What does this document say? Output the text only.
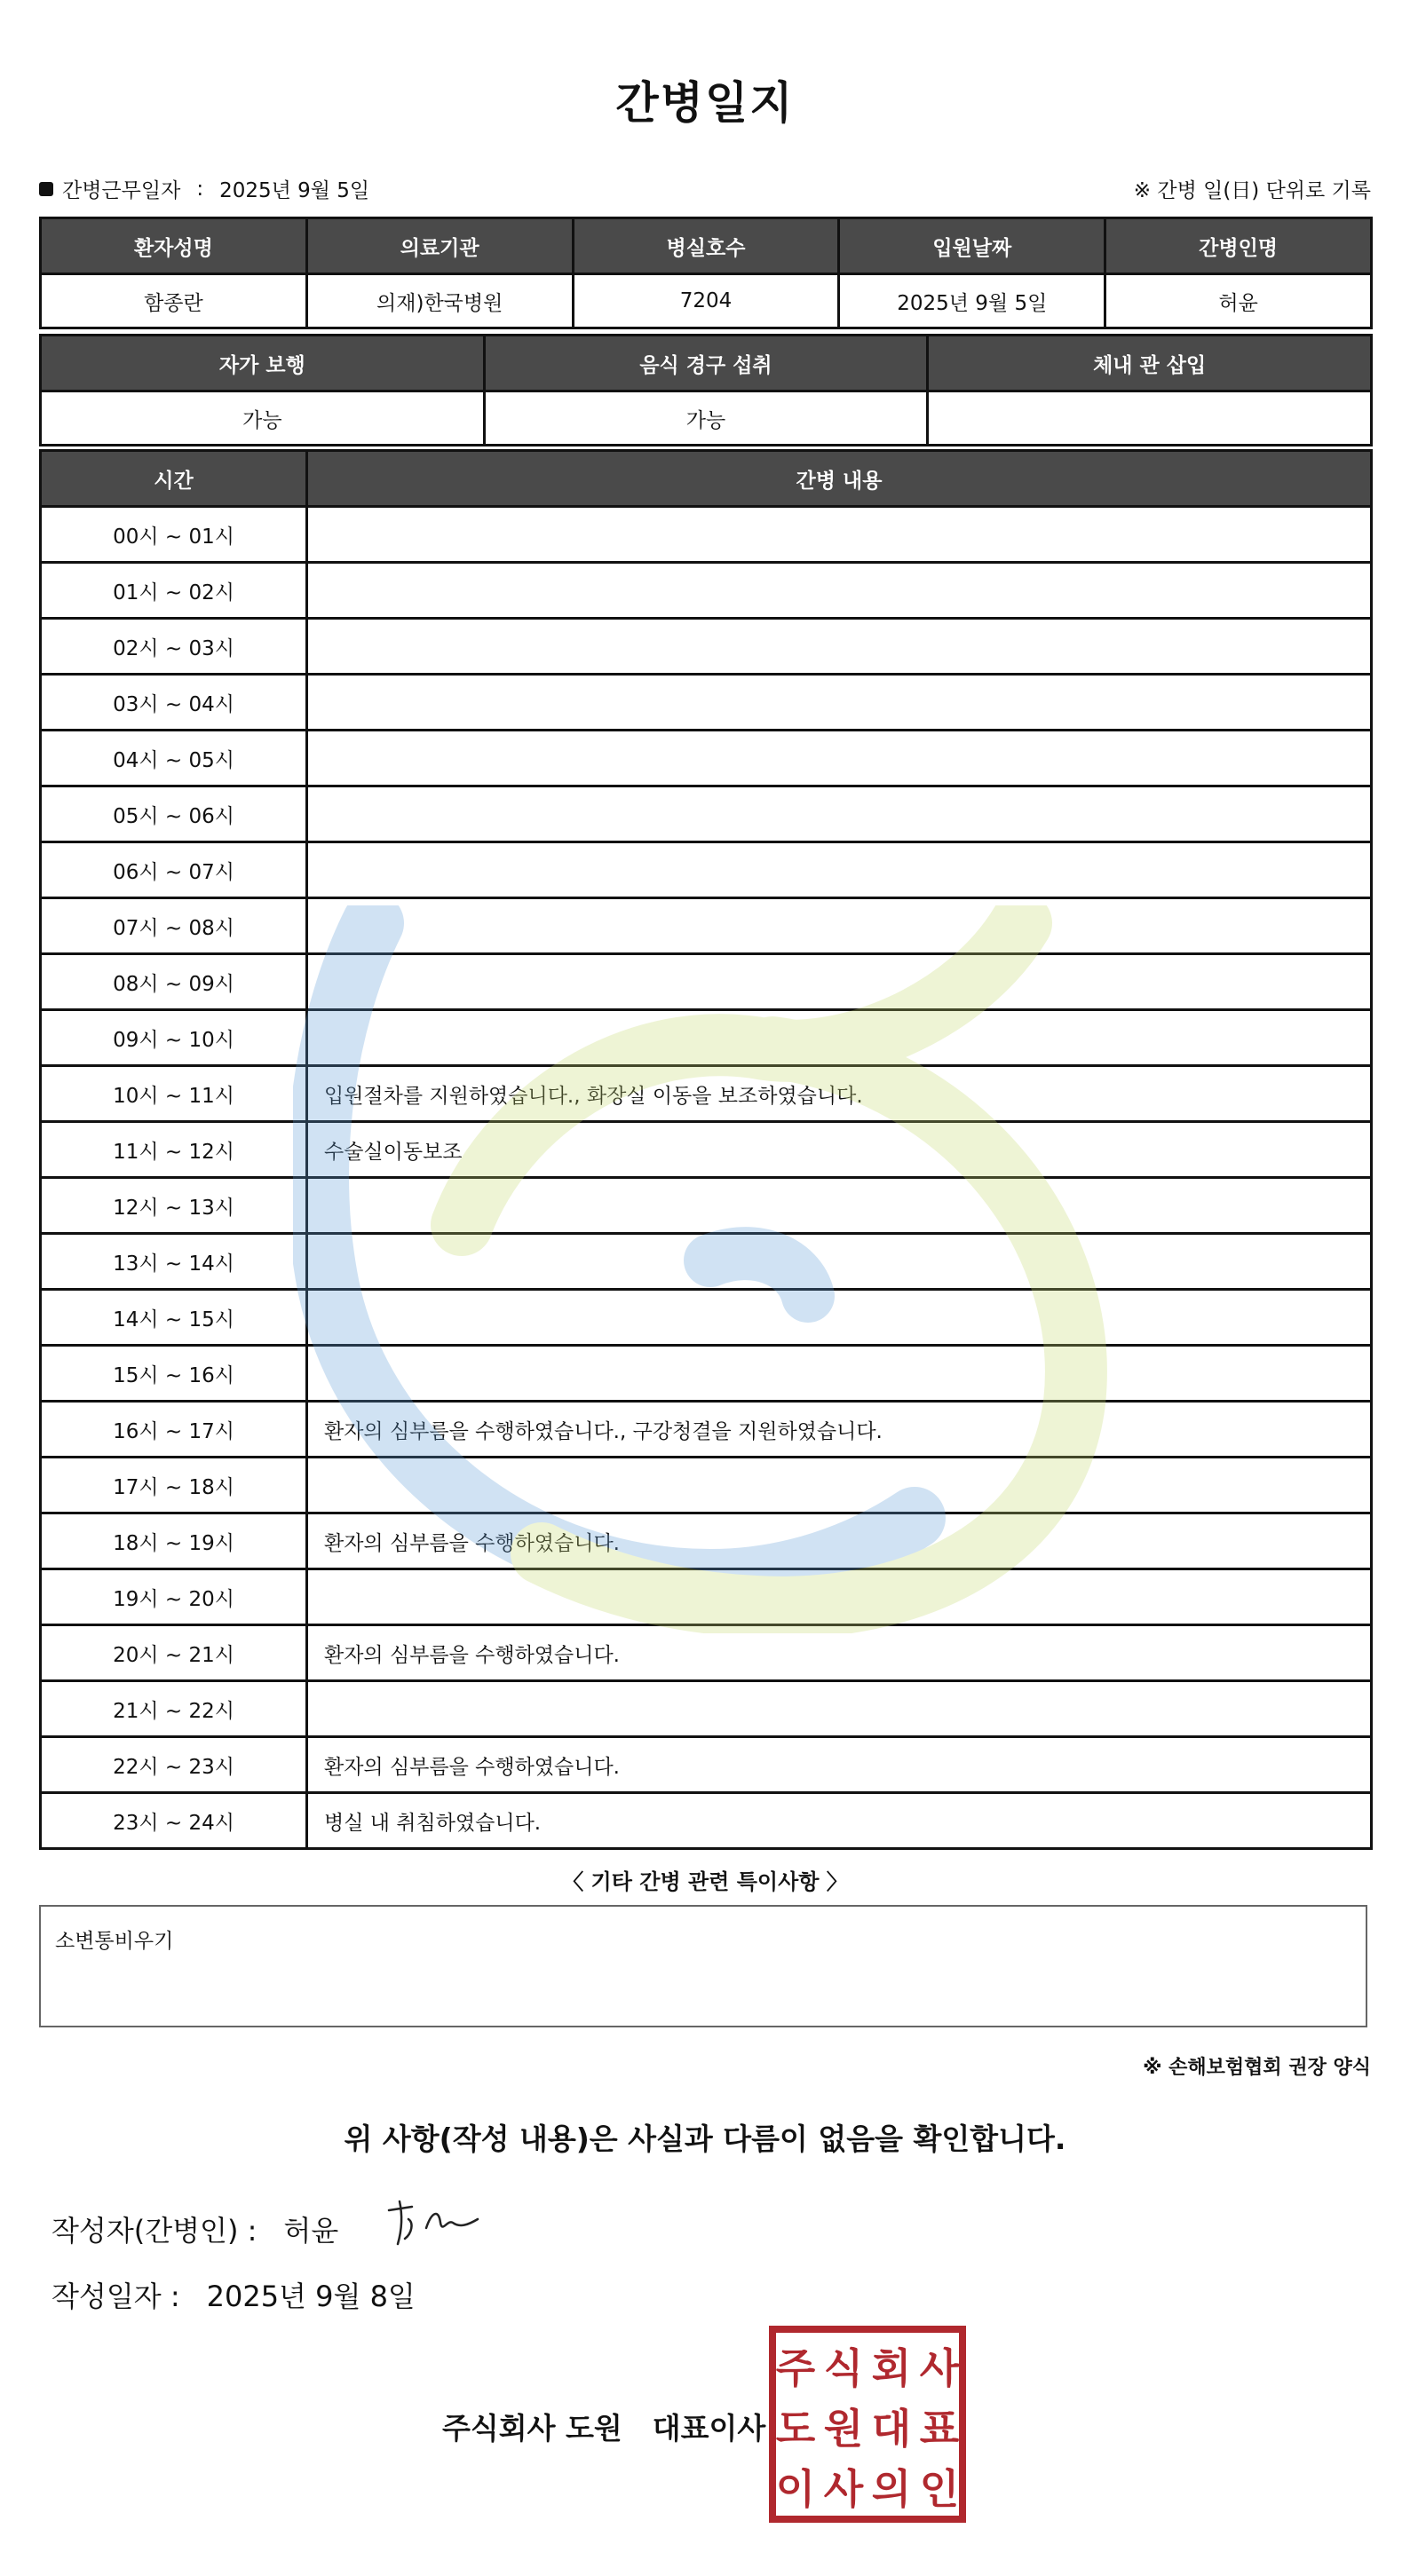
간병일지
간병근무일자 : 2025년 9월 5일	※ 간병 일(日) 단위로 기록
환자성명	의료기관	병실호수	입원날짜	간병인명
함종란	의재)한국병원	7204	2025년 9월 5일	허윤
자가 보행	음식 경구 섭취	체내 관 삽입
가능	가능	
시간	간병 내용
00시 ~ 01시	
01시 ~ 02시	
02시 ~ 03시	
03시 ~ 04시	
04시 ~ 05시	
05시 ~ 06시	
06시 ~ 07시	
07시 ~ 08시	
08시 ~ 09시	
09시 ~ 10시	
10시 ~ 11시	입원절차를 지원하였습니다., 화장실 이동을 보조하였습니다.
11시 ~ 12시	수술실이동보조
12시 ~ 13시	
13시 ~ 14시	
14시 ~ 15시	
15시 ~ 16시	
16시 ~ 17시	환자의 심부름을 수행하였습니다., 구강청결을 지원하였습니다.
17시 ~ 18시	
18시 ~ 19시	환자의 심부름을 수행하였습니다.
19시 ~ 20시	
20시 ~ 21시	환자의 심부름을 수행하였습니다.
21시 ~ 22시	
22시 ~ 23시	환자의 심부름을 수행하였습니다.
23시 ~ 24시	병실 내 취침하였습니다.
〈 기타 간병 관련 특이사항 〉
소변통비우기
※ 손해보험협회 권장 양식
위 사항(작성 내용)은 사실과 다름이 없음을 확인합니다.
작성자(간병인) : 허윤
작성일자 : 2025년 9월 8일
주식회사 도원 대표이사
주 식 회 사
도 원 대 표
이 사 의 인
